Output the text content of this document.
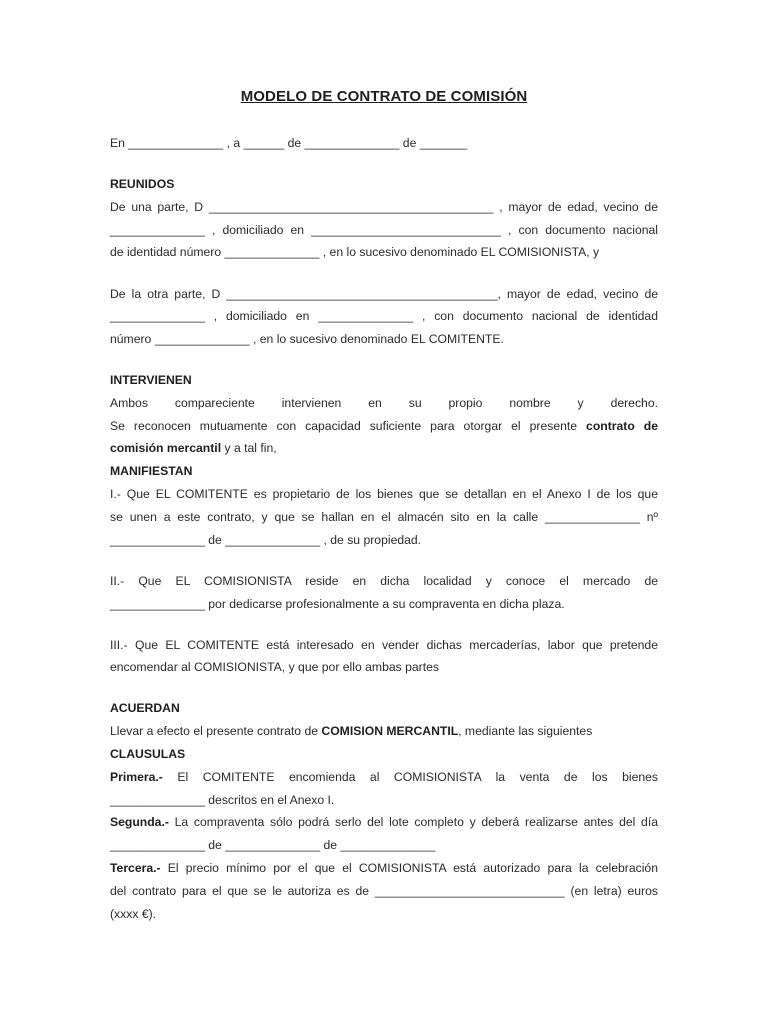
MODELO DE CONTRATO DE COMISIÓN
En ______________ , a ______ de ______________ de _______
REUNIDOS
De una parte, D __________________________________________ , mayor de edad, vecino de
______________ , domiciliado en ____________________________ , con documento nacional
de identidad número ______________ , en lo sucesivo denominado EL COMISIONISTA, y
De la otra parte, D ________________________________________, mayor de edad, vecino de
______________ , domiciliado en ______________ , con documento nacional de identidad
número ______________ , en lo sucesivo denominado EL COMITENTE.
INTERVIENEN
Ambos compareciente intervienen en su propio nombre y derecho.
Se reconocen mutuamente con capacidad suficiente para otorgar el presente contrato de
comisión mercantil y a tal fin,
MANIFIESTAN
I.- Que EL COMITENTE es propietario de los bienes que se detallan en el Anexo I de los que
se unen a este contrato, y que se hallan en el almacén sito en la calle ______________ nº
______________ de ______________ , de su propiedad.
II.- Que EL COMISIONISTA reside en dicha localidad y conoce el mercado de
______________ por dedicarse profesionalmente a su compraventa en dicha plaza.
III.- Que EL COMITENTE está interesado en vender dichas mercaderías, labor que pretende
encomendar al COMISIONISTA, y que por ello ambas partes
ACUERDAN
Llevar a efecto el presente contrato de COMISION MERCANTIL, mediante las siguientes
CLAUSULAS
Primera.- El COMITENTE encomienda al COMISIONISTA la venta de los bienes
______________ descritos en el Anexo I.
Segunda.- La compraventa sólo podrá serlo del lote completo y deberá realizarse antes del día
______________ de ______________ de ______________
Tercera.- El precio mínimo por el que el COMISIONISTA está autorizado para la celebración
del contrato para el que se le autoriza es de ____________________________ (en letra) euros
(xxxx €).
